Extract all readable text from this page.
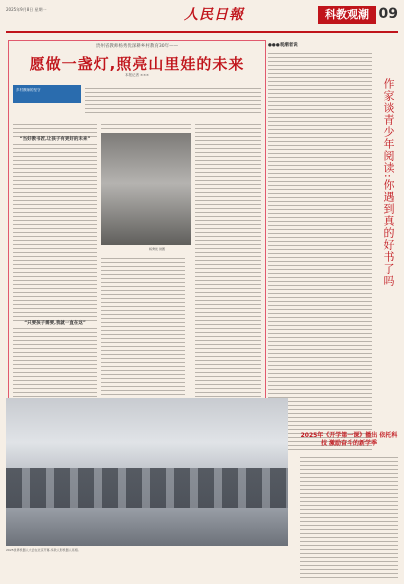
2025年9月8日 星期一	人民日報	科教观潮 09
贵州省教师杨秀优深耕乡村教育30年——
愿做一盏灯,照亮山里娃的未来
本报记者 ×××
乡村教师的坚守
“当好教书匠,让孩子有更好的未来”
“只要孩子需要,我就一直在这”
杨秀优 供图
●●●观潮者说
作家谈青少年阅读:你遇到真的好书了吗
2025世界机器人大会在北京开幕,多款人形机器人亮相。
2025年《开学第一课》播出 依托科技 激励奋斗的新学季
